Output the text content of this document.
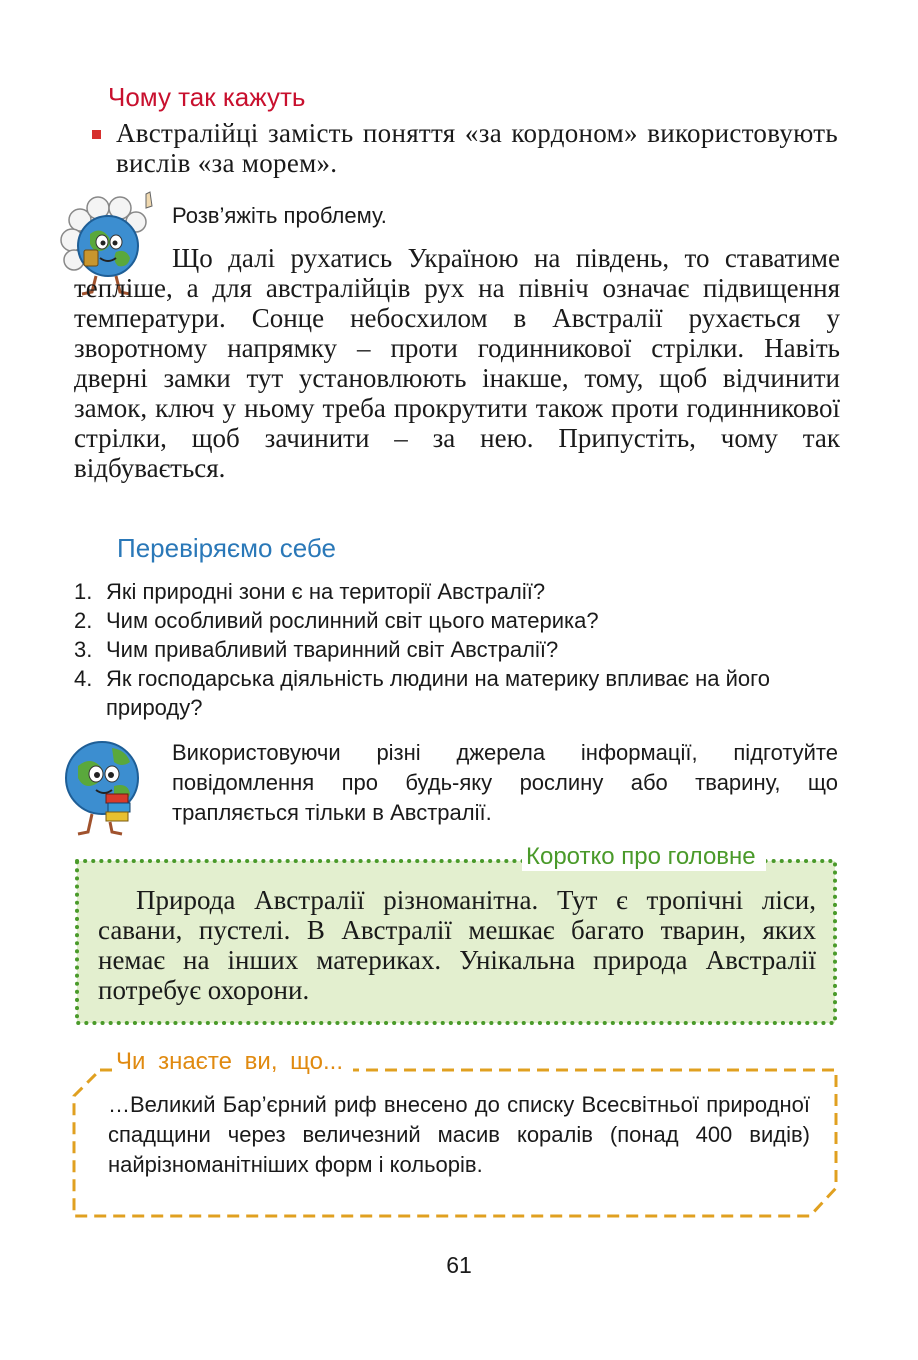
Чому так кажуть
Австралійці замість поняття «за кордоном» використовують вислів «за морем».
Розв’яжіть проблему.
Що далі рухатись Україною на південь, то ставатиме тепліше, а для австралійців рух на північ означає підвищення температури. Сонце небосхилом в Австралії рухається у зворотному напрямку – проти годинникової стрілки. Навіть дверні замки тут установлюють інакше, тому, щоб відчинити замок, ключ у ньому треба прокрутити також проти годинникової стрілки, щоб зачинити – за нею. Припустіть, чому так відбувається.
Перевіряємо себе
1. Які природні зони є на території Австралії?
2. Чим особливий рослинний світ цього материка?
3. Чим привабливий тваринний світ Австралії?
4. Як господарська діяльність людини на материку впливає на його природу?
Використовуючи різні джерела інформації, підготуйте повідомлення про будь-яку рослину або тварину, що трапляється тільки в Австралії.
Коротко про головне
Природа Австралії різноманітна. Тут є тропічні ліси, савани, пустелі. В Австралії мешкає багато тварин, яких немає на інших материках. Унікальна природа Австралії потребує охорони.
Чи знаєте ви, що...
…Великий Бар’єрний риф внесено до списку Всесвітньої природної спадщини через величезний масив коралів (понад 400 видів) найрізноманітніших форм і кольорів.
61
